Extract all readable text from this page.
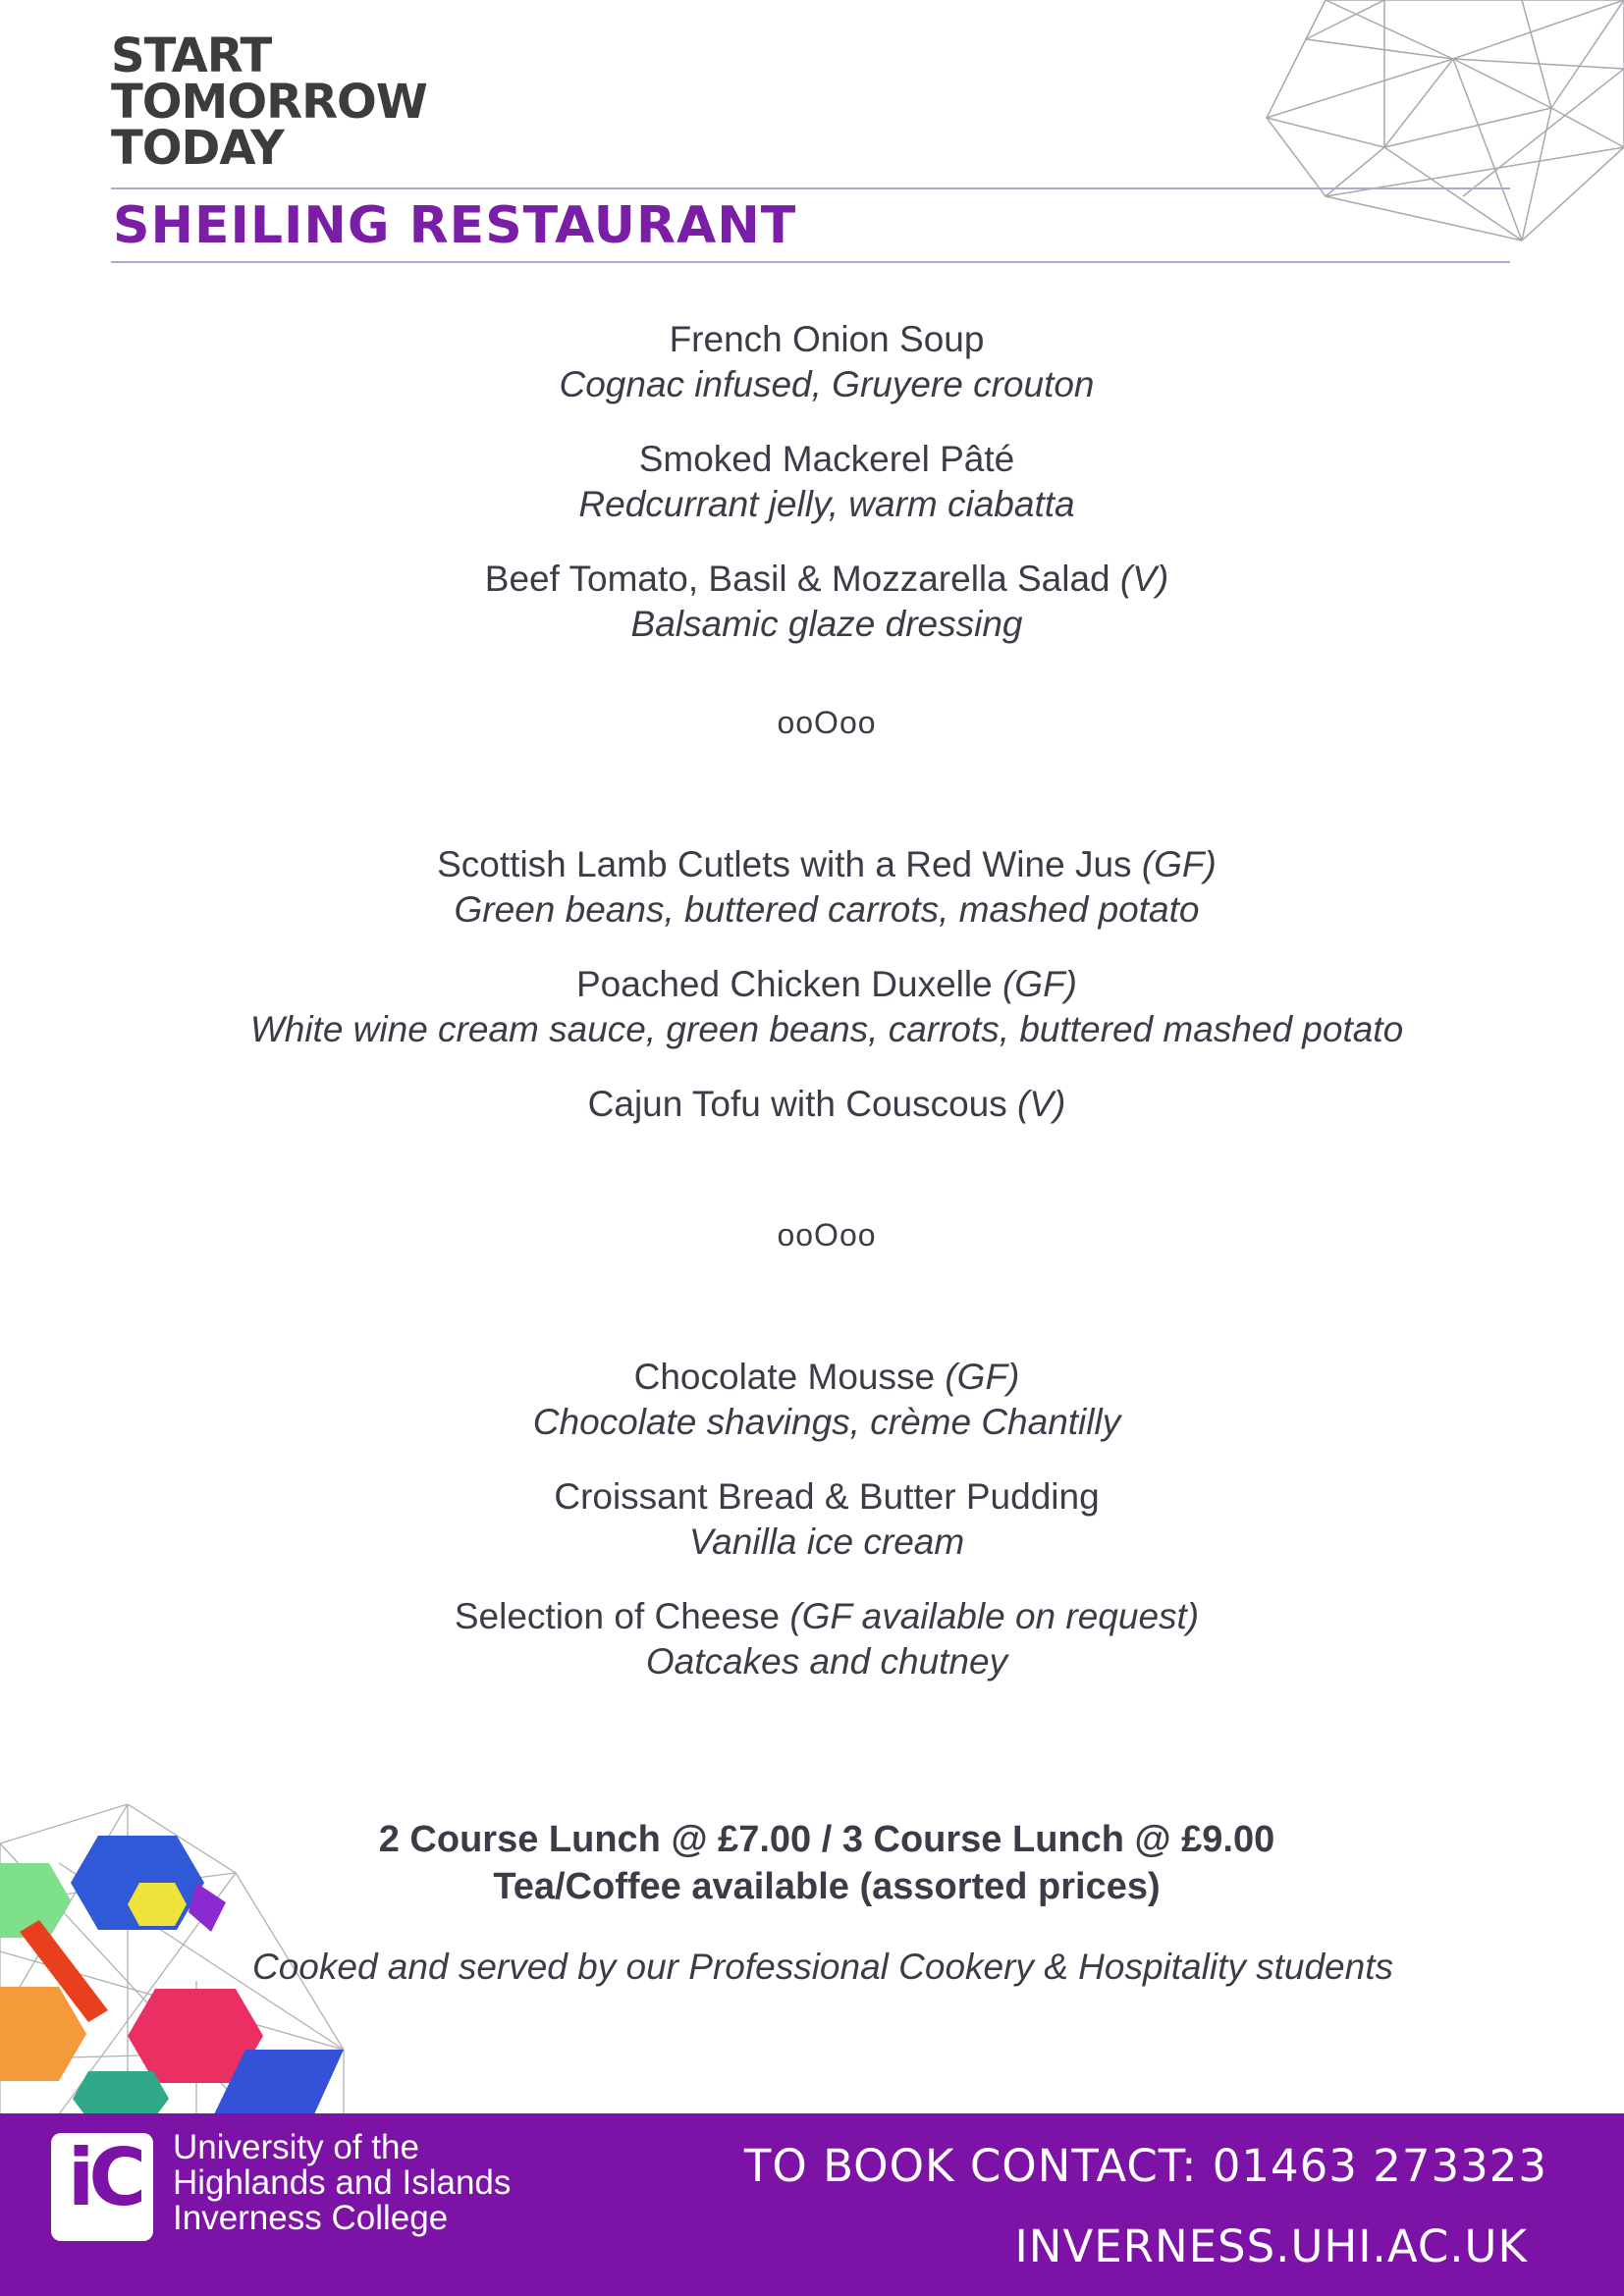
START
TOMORROW
TODAY
SHEILING RESTAURANT
French Onion Soup
Cognac infused, Gruyere crouton
Smoked Mackerel Pâté
Redcurrant jelly, warm ciabatta
Beef Tomato, Basil & Mozzarella Salad (V)
Balsamic glaze dressing
ooOoo
Scottish Lamb Cutlets with a Red Wine Jus (GF)
Green beans, buttered carrots, mashed potato
Poached Chicken Duxelle (GF)
White wine cream sauce, green beans, carrots, buttered mashed potato
Cajun Tofu with Couscous (V)
ooOoo
Chocolate Mousse (GF)
Chocolate shavings, crème Chantilly
Croissant Bread & Butter Pudding
Vanilla ice cream
Selection of Cheese (GF available on request)
Oatcakes and chutney
2 Course Lunch @ £7.00 / 3 Course Lunch @ £9.00
Tea/Coffee available (assorted prices)
Cooked and served by our Professional Cookery & Hospitality students
iC University of the
Highlands and Islands
Inverness College
TO BOOK CONTACT: 01463 273323
INVERNESS.UHI.AC.UK
